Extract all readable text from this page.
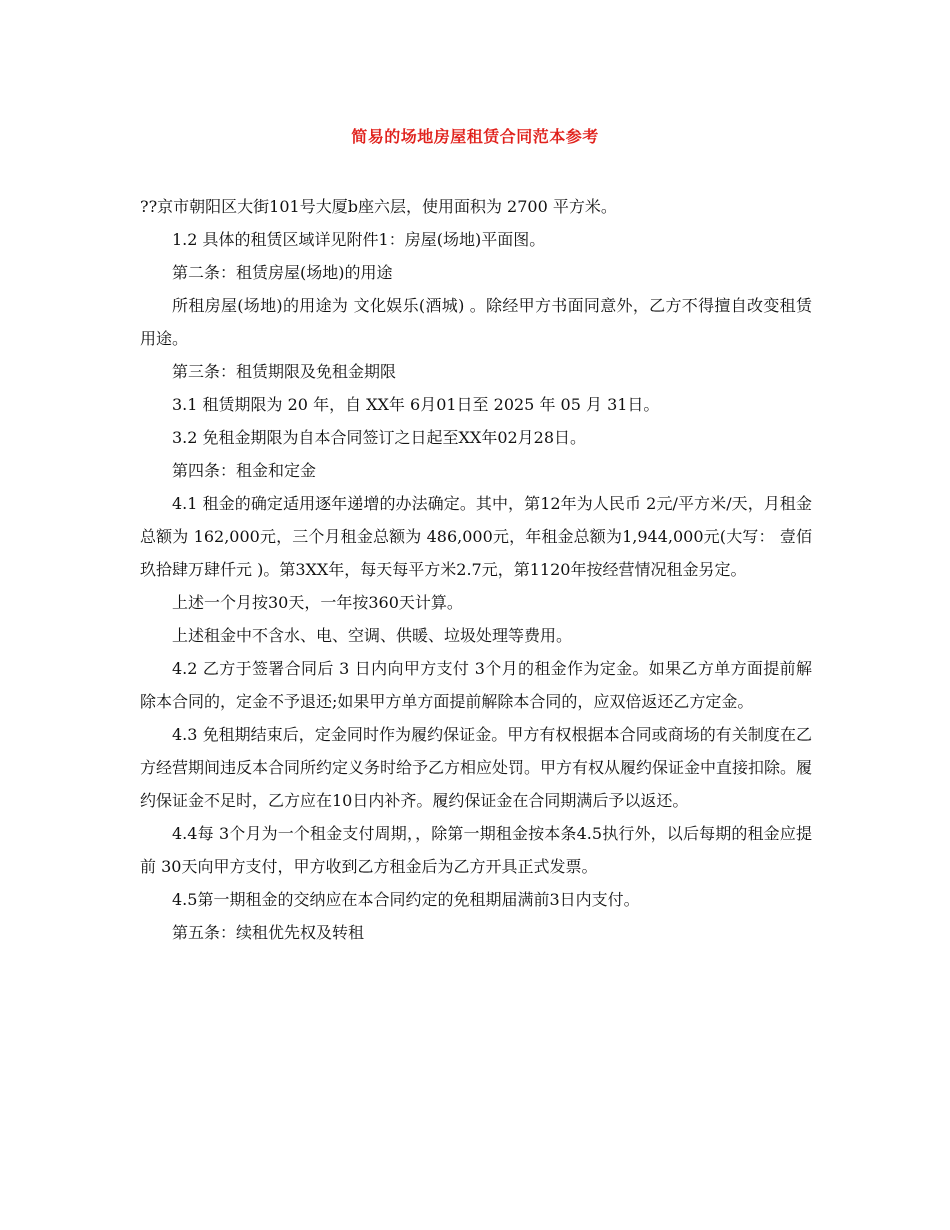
简易的场地房屋租赁合同范本参考

??京市朝阳区大街101号大厦b座六层，使用面积为 2700 平方米。

1.2 具体的租赁区域详见附件1：房屋(场地)平面图。

第二条：租赁房屋(场地)的用途

所租房屋(场地)的用途为 文化娱乐(酒城) 。除经甲方书面同意外，乙方不得擅自改变租赁用途。

第三条：租赁期限及免租金期限

3.1 租赁期限为 20 年，自 XX年 6月01日至 2025 年 05 月 31日。

3.2 免租金期限为自本合同签订之日起至XX年02月28日。

第四条：租金和定金

4.1 租金的确定适用逐年递增的办法确定。其中，第12年为人民币 2元/平方米/天，月租金总额为 162,000元，三个月租金总额为 486,000元，年租金总额为1,944,000元(大写： 壹佰玖拾肆万肆仟元 )。第3XX年，每天每平方米2.7元，第1120年按经营情况租金另定。

上述一个月按30天，一年按360天计算。

上述租金中不含水、电、空调、供暖、垃圾处理等费用。

4.2 乙方于签署合同后 3 日内向甲方支付 3个月的租金作为定金。如果乙方单方面提前解除本合同的，定金不予退还;如果甲方单方面提前解除本合同的，应双倍返还乙方定金。

4.3 免租期结束后，定金同时作为履约保证金。甲方有权根据本合同或商场的有关制度在乙方经营期间违反本合同所约定义务时给予乙方相应处罚。甲方有权从履约保证金中直接扣除。履约保证金不足时，乙方应在10日内补齐。履约保证金在合同期满后予以返还。

4.4每 3个月为一个租金支付周期，，除第一期租金按本条4.5执行外，以后每期的租金应提前 30天向甲方支付，甲方收到乙方租金后为乙方开具正式发票。

4.5第一期租金的交纳应在本合同约定的免租期届满前3日内支付。

第五条：续租优先权及转租
